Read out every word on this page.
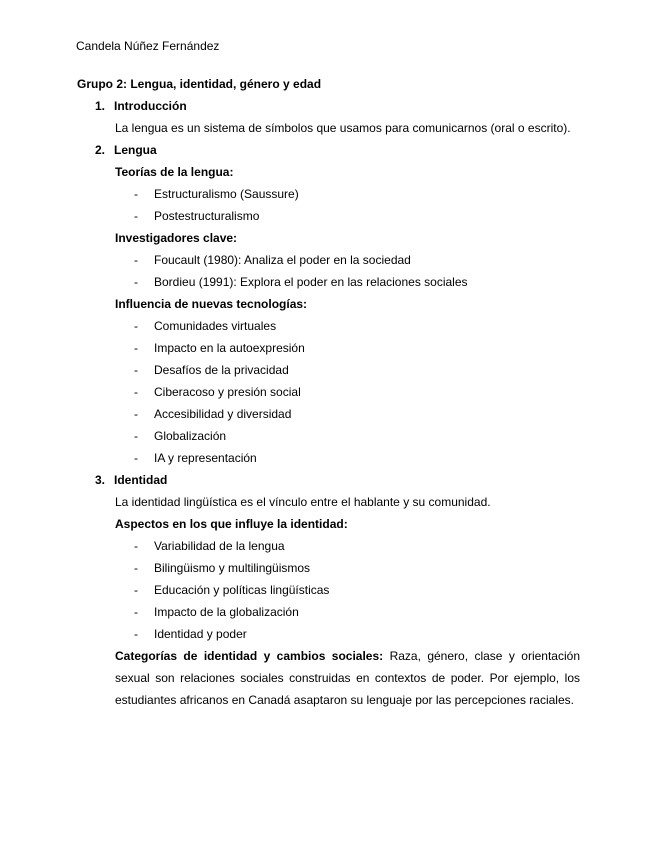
Candela Núñez Fernández
Grupo 2: Lengua, identidad, género y edad
1. Introducción
La lengua es un sistema de símbolos que usamos para comunicarnos (oral o escrito).
2. Lengua
Teorías de la lengua:
- Estructuralismo (Saussure)
- Postestructuralismo
Investigadores clave:
- Foucault (1980): Analiza el poder en la sociedad
- Bordieu (1991): Explora el poder en las relaciones sociales
Influencia de nuevas tecnologías:
- Comunidades virtuales
- Impacto en la autoexpresión
- Desafíos de la privacidad
- Ciberacoso y presión social
- Accesibilidad y diversidad
- Globalización
- IA y representación
3. Identidad
La identidad lingüística es el vínculo entre el hablante y su comunidad.
Aspectos en los que influye la identidad:
- Variabilidad de la lengua
- Bilingüismo y multilingüismos
- Educación y políticas lingüísticas
- Impacto de la globalización
- Identidad y poder
Categorías de identidad y cambios sociales: Raza, género, clase y orientación sexual son relaciones sociales construidas en contextos de poder. Por ejemplo, los estudiantes africanos en Canadá asaptaron su lenguaje por las percepciones raciales.
